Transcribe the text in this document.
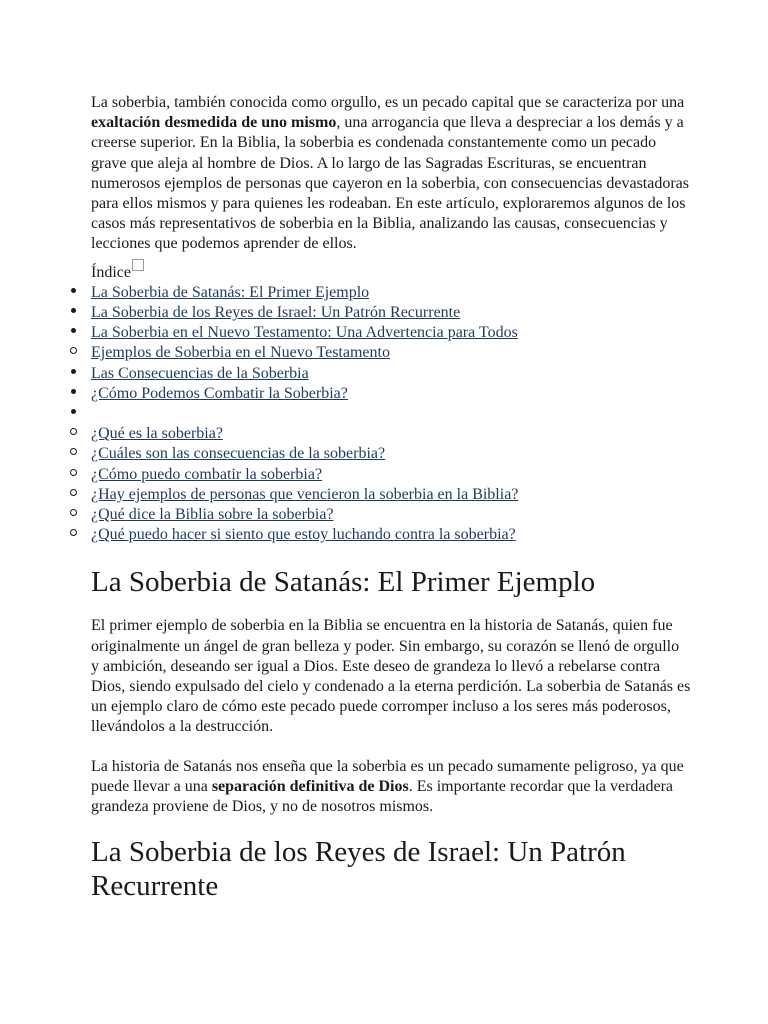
La soberbia, también conocida como orgullo, es un pecado capital que se caracteriza por una exaltación desmedida de uno mismo, una arrogancia que lleva a despreciar a los demás y a creerse superior. En la Biblia, la soberbia es condenada constantemente como un pecado grave que aleja al hombre de Dios. A lo largo de las Sagradas Escrituras, se encuentran numerosos ejemplos de personas que cayeron en la soberbia, con consecuencias devastadoras para ellos mismos y para quienes les rodeaban. En este artículo, exploraremos algunos de los casos más representativos de soberbia en la Biblia, analizando las causas, consecuencias y lecciones que podemos aprender de ellos.

Índice
La Soberbia de Satanás: El Primer Ejemplo
La Soberbia de los Reyes de Israel: Un Patrón Recurrente
La Soberbia en el Nuevo Testamento: Una Advertencia para Todos
Ejemplos de Soberbia en el Nuevo Testamento
Las Consecuencias de la Soberbia
¿Cómo Podemos Combatir la Soberbia?
¿Qué es la soberbia?
¿Cuáles son las consecuencias de la soberbia?
¿Cómo puedo combatir la soberbia?
¿Hay ejemplos de personas que vencieron la soberbia en la Biblia?
¿Qué dice la Biblia sobre la soberbia?
¿Qué puedo hacer si siento que estoy luchando contra la soberbia?
La Soberbia de Satanás: El Primer Ejemplo

El primer ejemplo de soberbia en la Biblia se encuentra en la historia de Satanás, quien fue originalmente un ángel de gran belleza y poder. Sin embargo, su corazón se llenó de orgullo y ambición, deseando ser igual a Dios. Este deseo de grandeza lo llevó a rebelarse contra Dios, siendo expulsado del cielo y condenado a la eterna perdición. La soberbia de Satanás es un ejemplo claro de cómo este pecado puede corromper incluso a los seres más poderosos, llevándolos a la destrucción.

La historia de Satanás nos enseña que la soberbia es un pecado sumamente peligroso, ya que puede llevar a una separación definitiva de Dios. Es importante recordar que la verdadera grandeza proviene de Dios, y no de nosotros mismos.

La Soberbia de los Reyes de Israel: Un Patrón Recurrente
